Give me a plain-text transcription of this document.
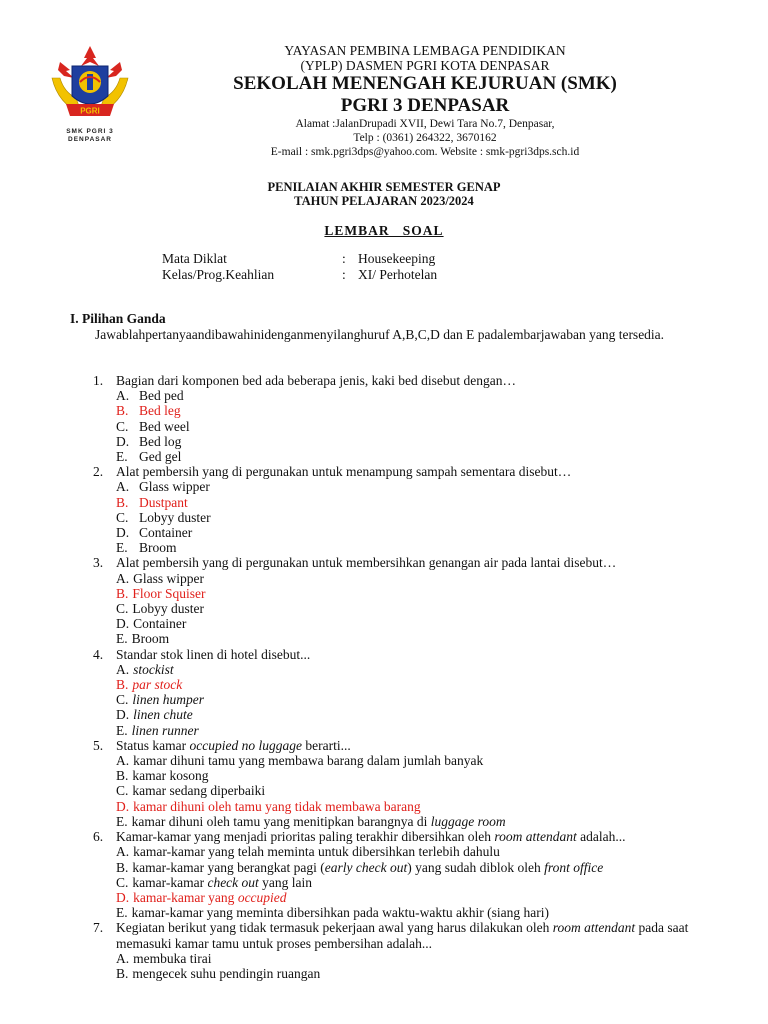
PGRI
SMK PGRI 3
DENPASAR
YAYASAN PEMBINA LEMBAGA PENDIDIKAN
(YPLP) DASMEN PGRI KOTA DENPASAR
SEKOLAH MENENGAH KEJURUAN (SMK)
PGRI 3 DENPASAR
Alamat :JalanDrupadi XVII, Dewi Tara No.7, Denpasar,
Telp : (0361) 264322, 3670162
E-mail : smk.pgri3dps@yahoo.com. Website : smk-pgri3dps.sch.id
PENILAIAN AKHIR SEMESTER GENAP
TAHUN PELAJARAN 2023/2024
LEMBAR   SOAL
Mata Diklat	: Housekeeping
Kelas/Prog.Keahlian	: XI/ Perhotelan
I. Pilihan Ganda
Jawablahpertanyaandibawahinidenganmenyilanghuruf A,B,C,D dan E padalembarjawaban yang tersedia.
1. Bagian dari komponen bed ada beberapa jenis, kaki bed disebut dengan…
A. Bed ped
B. Bed leg
C. Bed weel
D. Bed log
E. Ged gel
2. Alat pembersih yang di pergunakan untuk menampung sampah sementara disebut…
A. Glass wipper
B. Dustpant
C. Lobyy duster
D. Container
E. Broom
3. Alat pembersih yang di pergunakan untuk membersihkan genangan air pada lantai disebut…
A. Glass wipper
B. Floor Squiser
C. Lobyy duster
D. Container
E. Broom
4. Standar stok linen di hotel disebut...
A. stockist
B. par stock
C. linen humper
D. linen chute
E. linen runner
5. Status kamar occupied no luggage berarti...
A. kamar dihuni tamu yang membawa barang dalam jumlah banyak
B. kamar kosong
C. kamar sedang diperbaiki
D. kamar dihuni oleh tamu yang tidak membawa barang
E. kamar dihuni oleh tamu yang menitipkan barangnya di luggage room
6. Kamar-kamar yang menjadi prioritas paling terakhir dibersihkan oleh room attendant adalah...
A. kamar-kamar yang telah meminta untuk dibersihkan terlebih dahulu
B. kamar-kamar yang berangkat pagi (early check out) yang sudah diblok oleh front office
C. kamar-kamar check out yang lain
D. kamar-kamar yang occupied
E. kamar-kamar yang meminta dibersihkan pada waktu-waktu akhir (siang hari)
7. Kegiatan berikut yang tidak termasuk pekerjaan awal yang harus dilakukan oleh room attendant pada saat memasuki kamar tamu untuk proses pembersihan adalah...
A. membuka tirai
B. mengecek suhu pendingin ruangan
